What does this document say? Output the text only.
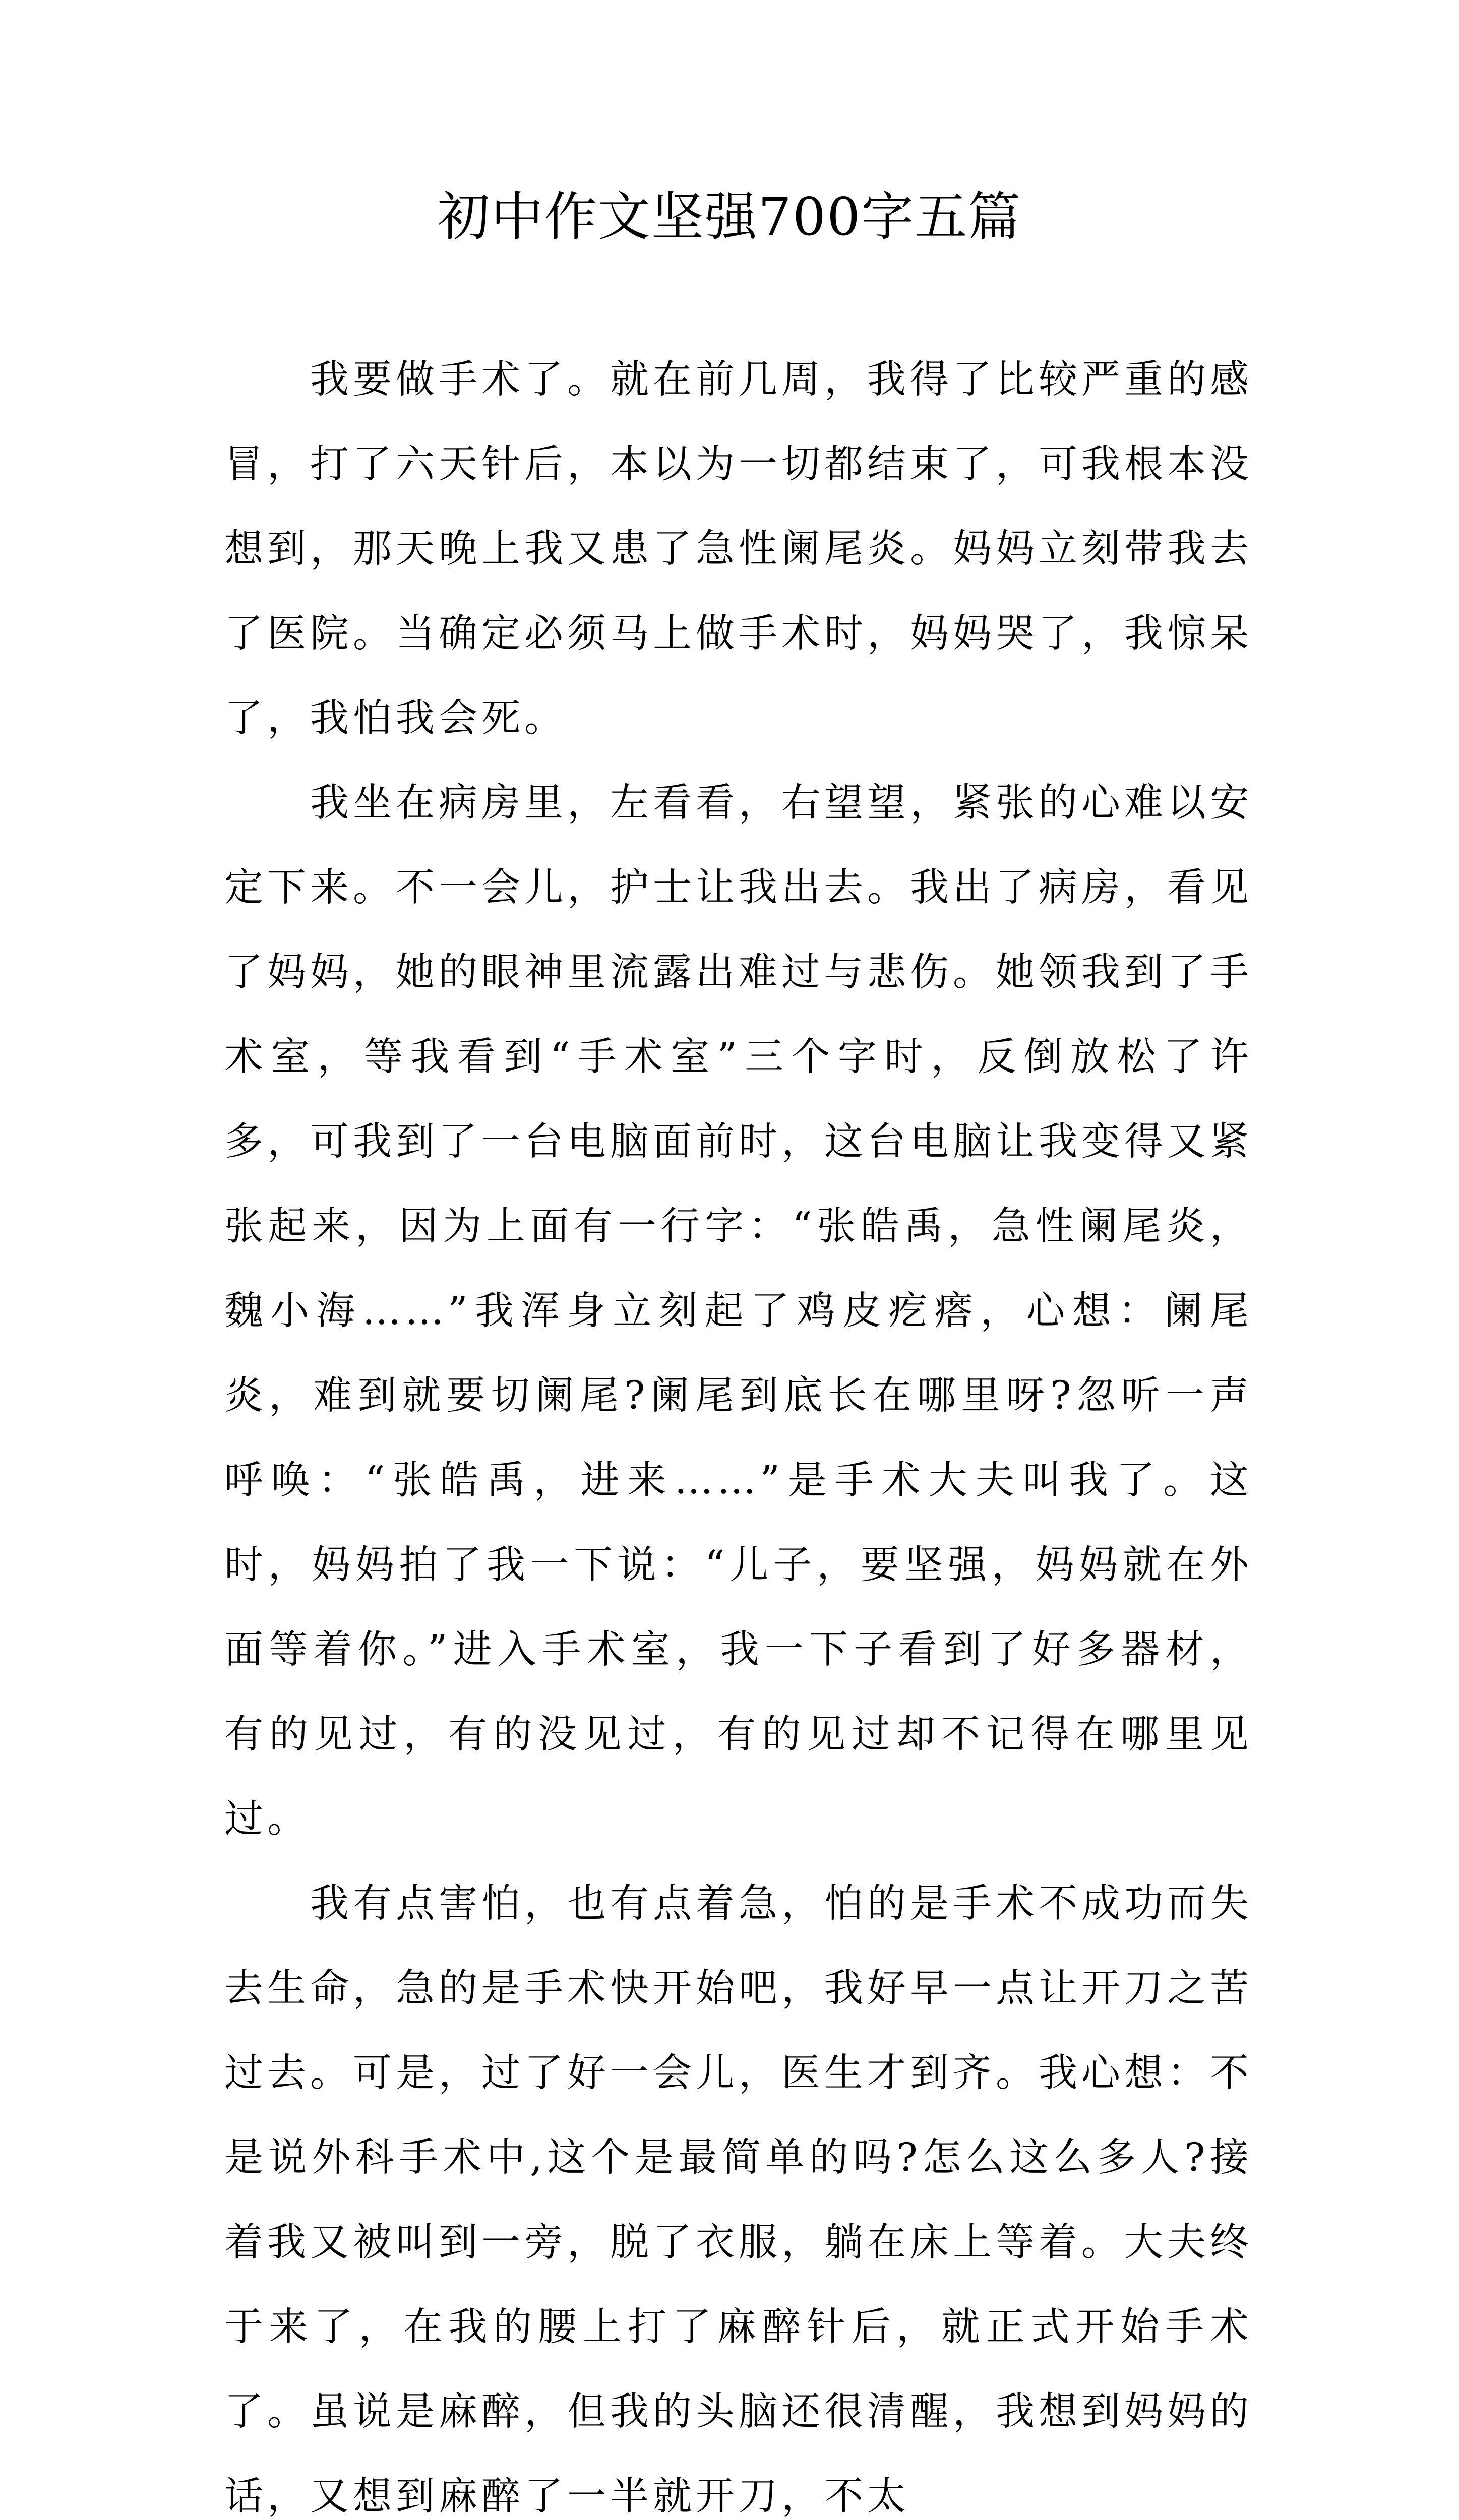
初中作文坚强700字五篇

我要做手术了。就在前几周，我得了比较严重的感冒，打了六天针后，本以为一切都结束了，可我根本没想到，那天晚上我又患了急性阑尾炎。妈妈立刻带我去了医院。当确定必须马上做手术时，妈妈哭了，我惊呆了，我怕我会死。

我坐在病房里，左看看，右望望，紧张的心难以安定下来。不一会儿，护士让我出去。我出了病房，看见了妈妈，她的眼神里流露出难过与悲伤。她领我到了手术室，等我看到“手术室”三个字时，反倒放松了许多，可我到了一台电脑面前时，这台电脑让我变得又紧张起来，因为上面有一行字：“张皓禹，急性阑尾炎，魏小海……”我浑身立刻起了鸡皮疙瘩，心想：阑尾炎，难到就要切阑尾?阑尾到底长在哪里呀?忽听一声呼唤：“张皓禹，进来……”是手术大夫叫我了。这时，妈妈拍了我一下说：“儿子，要坚强，妈妈就在外面等着你。”进入手术室，我一下子看到了好多器材，有的见过，有的没见过，有的见过却不记得在哪里见过。

我有点害怕，也有点着急，怕的是手术不成功而失去生命，急的是手术快开始吧，我好早一点让开刀之苦过去。可是，过了好一会儿，医生才到齐。我心想：不是说外科手术中,这个是最简单的吗?怎么这么多人?接着我又被叫到一旁，脱了衣服，躺在床上等着。大夫终于来了，在我的腰上打了麻醉针后，就正式开始手术了。虽说是麻醉，但我的头脑还很清醒，我想到妈妈的话，又想到麻醉了一半就开刀，不太
